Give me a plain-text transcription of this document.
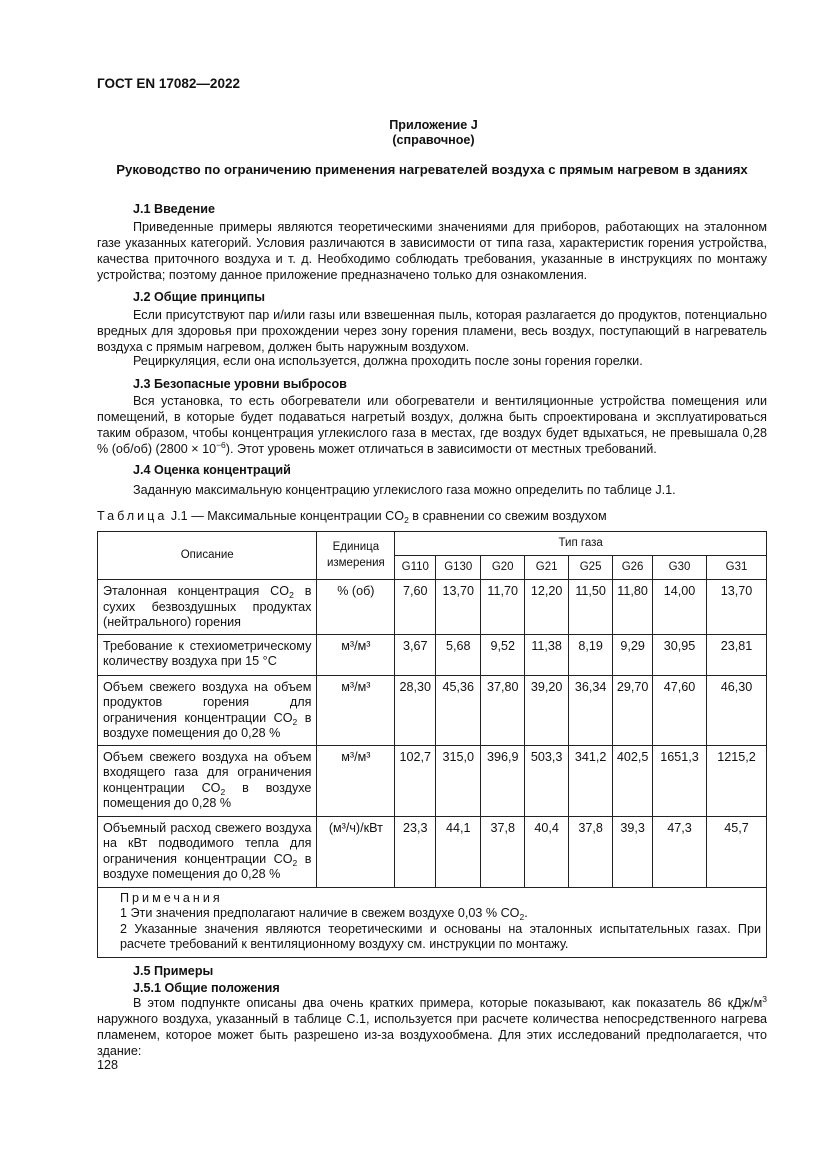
ГОСТ EN 17082—2022
Приложение J
(справочное)
Руководство по ограничению применения нагревателей воздуха с прямым нагревом в зданиях
J.1 Введение
Приведенные примеры являются теоретическими значениями для приборов, работающих на эталонном газе указанных категорий. Условия различаются в зависимости от типа газа, характеристик горения устройства, качества приточного воздуха и т. д. Необходимо соблюдать требования, указанные в инструкциях по монтажу устройства; поэтому данное приложение предназначено только для ознакомления.
J.2 Общие принципы
Если присутствуют пар и/или газы или взвешенная пыль, которая разлагается до продуктов, потенциально вредных для здоровья при прохождении через зону горения пламени, весь воздух, поступающий в нагреватель воздуха с прямым нагревом, должен быть наружным воздухом.
Рециркуляция, если она используется, должна проходить после зоны горения горелки.
J.3 Безопасные уровни выбросов
Вся установка, то есть обогреватели или обогреватели и вентиляционные устройства помещения или помещений, в которые будет подаваться нагретый воздух, должна быть спроектирована и эксплуатироваться таким образом, чтобы концентрация углекислого газа в местах, где воздух будет вдыхаться, не превышала 0,28 % (об/об) $(2800 \times 10^{-6})$. Этот уровень может отличаться в зависимости от местных требований.
J.4 Оценка концентраций
Заданную максимальную концентрацию углекислого газа можно определить по таблице J.1.
Таблица J.1 — Максимальные концентрации $CO_2$ в сравнении со свежим воздухом
Описание	Единица измерения	Тип газа							
		G110	G130	G20	G21	G25	G26	G30	G31
Эталонная концентрация $CO_2$ в сухих безвоздушных продуктах (нейтрального) горения	% (об)	7,60	13,70	11,70	12,20	11,50	11,80	14,00	13,70
Требование к стехиометрическому количеству воздуха при 15 °C	м³/м³	3,67	5,68	9,52	11,38	8,19	9,29	30,95	23,81
Объем свежего воздуха на объем продуктов горения для ограничения концентрации $CO_2$ в воздухе помещения до 0,28 %	м³/м³	28,30	45,36	37,80	39,20	36,34	29,70	47,60	46,30
Объем свежего воздуха на объем входящего газа для ограничения концентрации $CO_2$ в воздухе помещения до 0,28 %	м³/м³	102,7	315,0	396,9	503,3	341,2	402,5	1651,3	1215,2
Объемный расход свежего воздуха на кВт подводимого тепла для ограничения концентрации $CO_2$ в воздухе помещения до 0,28 %	(м³/ч)/кВт	23,3	44,1	37,8	40,4	37,8	39,3	47,3	45,7

Примечания
1 Эти значения предполагают наличие в свежем воздухе 0,03 % $CO_2$.
2 Указанные значения являются теоретическими и основаны на эталонных испытательных газах. При расчете требований к вентиляционному воздуху см. инструкции по монтажу.									
J.5 Примеры
J.5.1 Общие положения
В этом подпункте описаны два очень кратких примера, которые показывают, как показатель 86 кДж/$м^3$ наружного воздуха, указанный в таблице С.1, используется при расчете количества непосредственного нагрева пламенем, которое может быть разрешено из-за воздухообмена. Для этих исследований предполагается, что здание:
128
